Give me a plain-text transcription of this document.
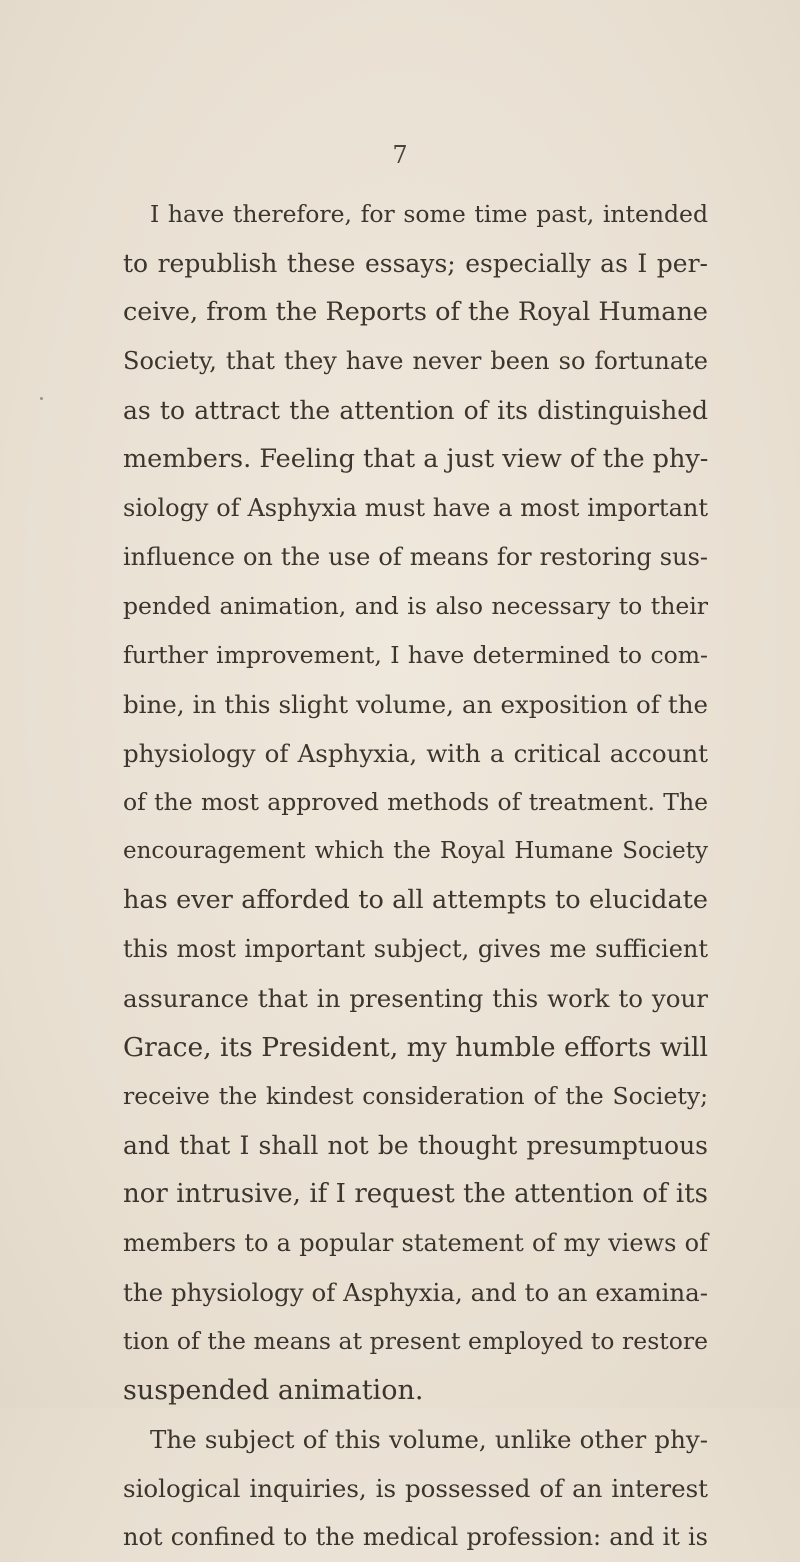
7
I have therefore, for some time past, intended
to republish these essays; especially as I per-
ceive, from the Reports of the Royal Humane
Society, that they have never been so fortunate
as to attract the attention of its distinguished
members. Feeling that a just view of the phy-
siology of Asphyxia must have a most important
influence on the use of means for restoring sus-
pended animation, and is also necessary to their
further improvement, I have determined to com-
bine, in this slight volume, an exposition of the
physiology of Asphyxia, with a critical account
of the most approved methods of treatment. The
encouragement which the Royal Humane Society
has ever afforded to all attempts to elucidate
this most important subject, gives me sufficient
assurance that in presenting this work to your
Grace, its President, my humble efforts will
receive the kindest consideration of the Society;
and that I shall not be thought presumptuous
nor intrusive, if I request the attention of its
members to a popular statement of my views of
the physiology of Asphyxia, and to an examina-
tion of the means at present employed to restore
suspended animation.
The subject of this volume, unlike other phy-
siological inquiries, is possessed of an interest
not confined to the medical profession: and it is
